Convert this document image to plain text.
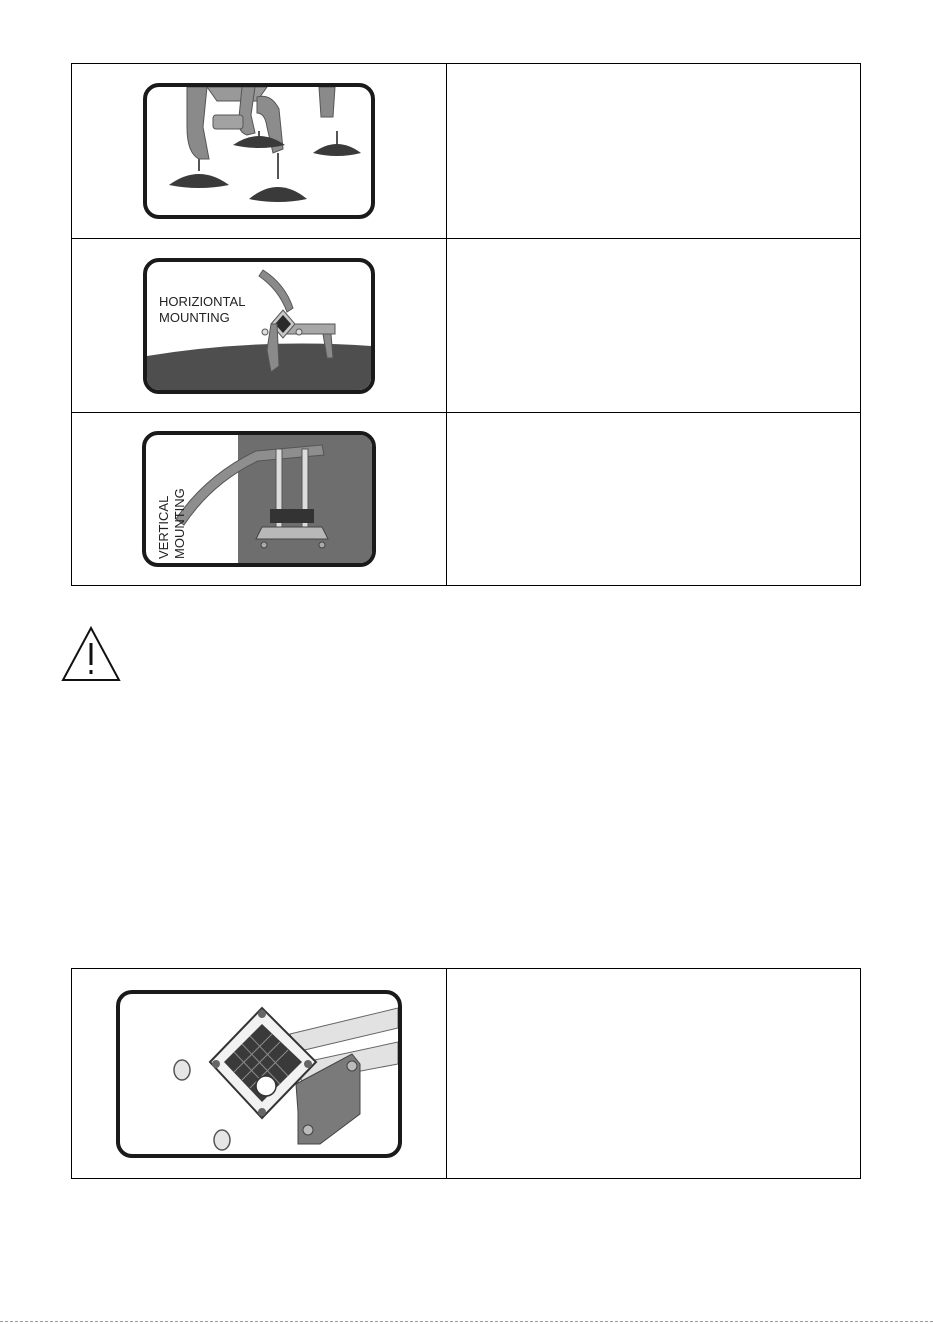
HORIZIONTAL
MOUNTING	

VERTICAL MOUNTING	
